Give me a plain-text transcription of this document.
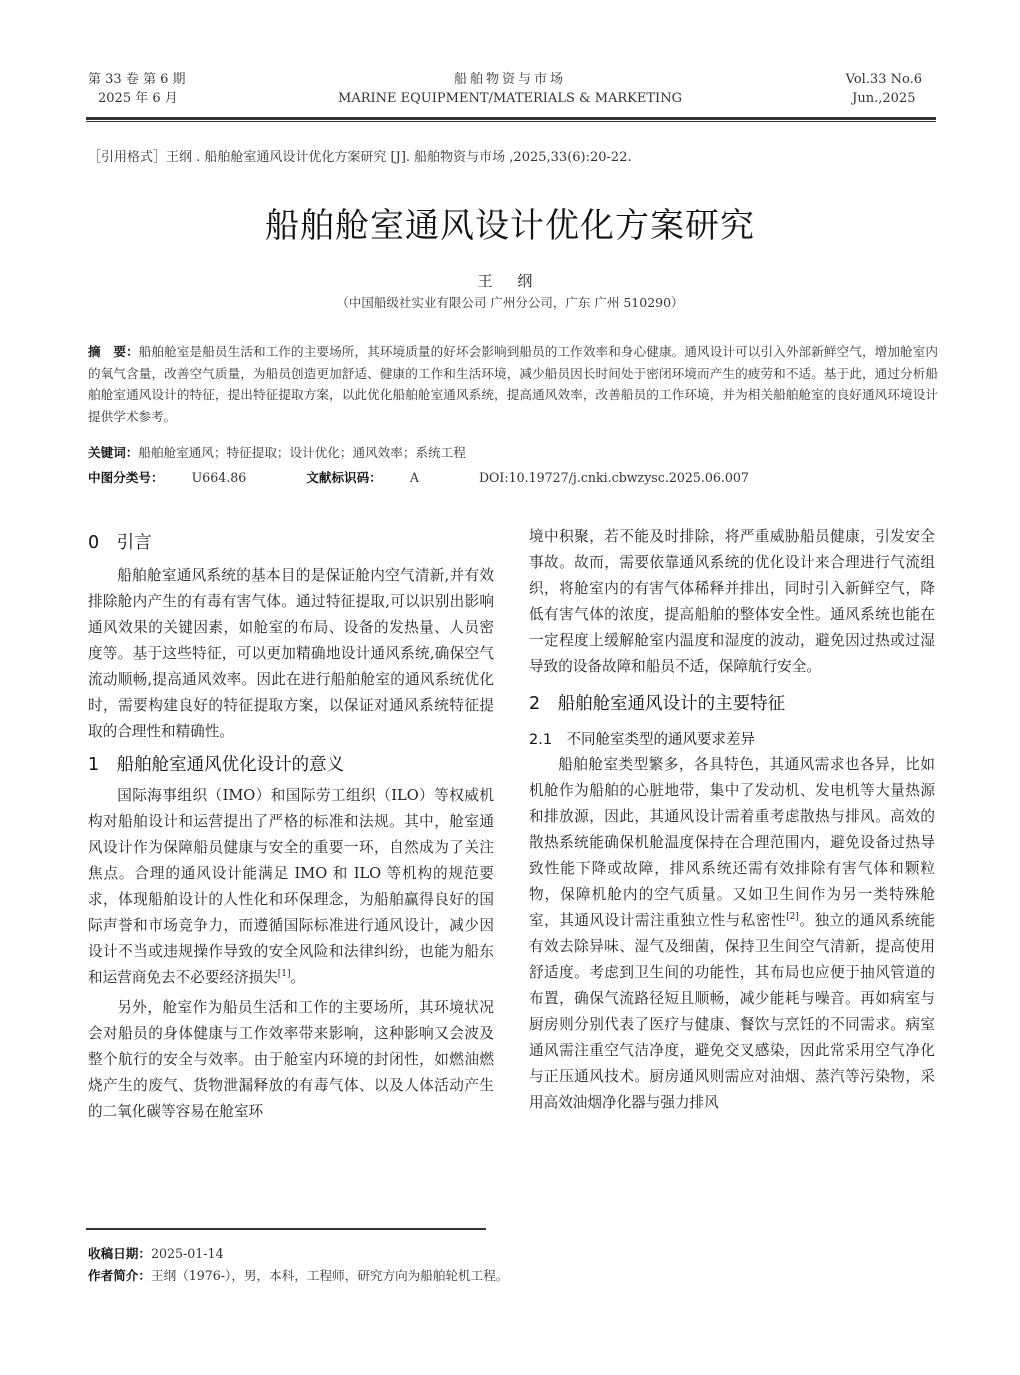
第 33 卷 第 6 期
2025 年 6 月
船舶物资与市场
MARINE EQUIPMENT/MATERIALS & MARKETING
Vol.33 No.6
Jun.,2025
［引用格式］王纲 . 船舶舱室通风设计优化方案研究 [J]. 船舶物资与市场 ,2025,33(6):20-22.
船舶舱室通风设计优化方案研究
王 纲
（中国船级社实业有限公司 广州分公司，广东 广州 510290）
摘　要：船舶舱室是船员生活和工作的主要场所，其环境质量的好坏会影响到船员的工作效率和身心健康。通风设计可以引入外部新鲜空气，增加舱室内的氧气含量，改善空气质量，为船员创造更加舒适、健康的工作和生活环境，减少船员因长时间处于密闭环境而产生的疲劳和不适。基于此，通过分析船舶舱室通风设计的特征，提出特征提取方案，以此优化船舶舱室通风系统，提高通风效率，改善船员的工作环境，并为相关船舶舱室的良好通风环境设计提供学术参考。
关键词：船舶舱室通风；特征提取；设计优化；通风效率；系统工程
中图分类号： U664.86	文献标识码： A	DOI:10.19727/j.cnki.cbwzysc.2025.06.007
0　引言

船舶舱室通风系统的基本目的是保证舱内空气清新,并有效排除舱内产生的有毒有害气体。通过特征提取,可以识别出影响通风效果的关键因素，如舱室的布局、设备的发热量、人员密度等。基于这些特征，可以更加精确地设计通风系统,确保空气流动顺畅,提高通风效率。因此在进行船舶舱室的通风系统优化时，需要构建良好的特征提取方案，以保证对通风系统特征提取的合理性和精确性。

1　船舶舱室通风优化设计的意义

国际海事组织（IMO）和国际劳工组织（ILO）等权威机构对船舶设计和运营提出了严格的标准和法规。其中，舱室通风设计作为保障船员健康与安全的重要一环，自然成为了关注焦点。合理的通风设计能满足 IMO 和 ILO 等机构的规范要求，体现船舶设计的人性化和环保理念，为船舶赢得良好的国际声誉和市场竞争力，而遵循国际标准进行通风设计，减少因设计不当或违规操作导致的安全风险和法律纠纷，也能为船东和运营商免去不必要经济损失[1]。

另外，舱室作为船员生活和工作的主要场所，其环境状况会对船员的身体健康与工作效率带来影响，这种影响又会波及整个航行的安全与效率。由于舱室内环境的封闭性，如燃油燃烧产生的废气、货物泄漏释放的有毒气体、以及人体活动产生的二氧化碳等容易在舱室环

境中积聚，若不能及时排除，将严重威胁船员健康，引发安全事故。故而，需要依靠通风系统的优化设计来合理进行气流组织，将舱室内的有害气体稀释并排出，同时引入新鲜空气，降低有害气体的浓度，提高船舶的整体安全性。通风系统也能在一定程度上缓解舱室内温度和湿度的波动，避免因过热或过湿导致的设备故障和船员不适，保障航行安全。

2　船舶舱室通风设计的主要特征
2.1　不同舱室类型的通风要求差异

船舶舱室类型繁多，各具特色，其通风需求也各异，比如机舱作为船舶的心脏地带，集中了发动机、发电机等大量热源和排放源，因此，其通风设计需着重考虑散热与排风。高效的散热系统能确保机舱温度保持在合理范围内，避免设备过热导致性能下降或故障，排风系统还需有效排除有害气体和颗粒物，保障机舱内的空气质量。又如卫生间作为另一类特殊舱室，其通风设计需注重独立性与私密性[2]。独立的通风系统能有效去除异味、湿气及细菌，保持卫生间空气清新，提高使用舒适度。考虑到卫生间的功能性，其布局也应便于抽风管道的布置，确保气流路径短且顺畅，减少能耗与噪音。再如病室与厨房则分别代表了医疗与健康、餐饮与烹饪的不同需求。病室通风需注重空气洁净度，避免交叉感染，因此常采用空气净化与正压通风技术。厨房通风则需应对油烟、蒸汽等污染物，采用高效油烟净化器与强力排风

收稿日期：2025-01-14
作者简介：王纲（1976-），男，本科，工程师，研究方向为船舶轮机工程。
